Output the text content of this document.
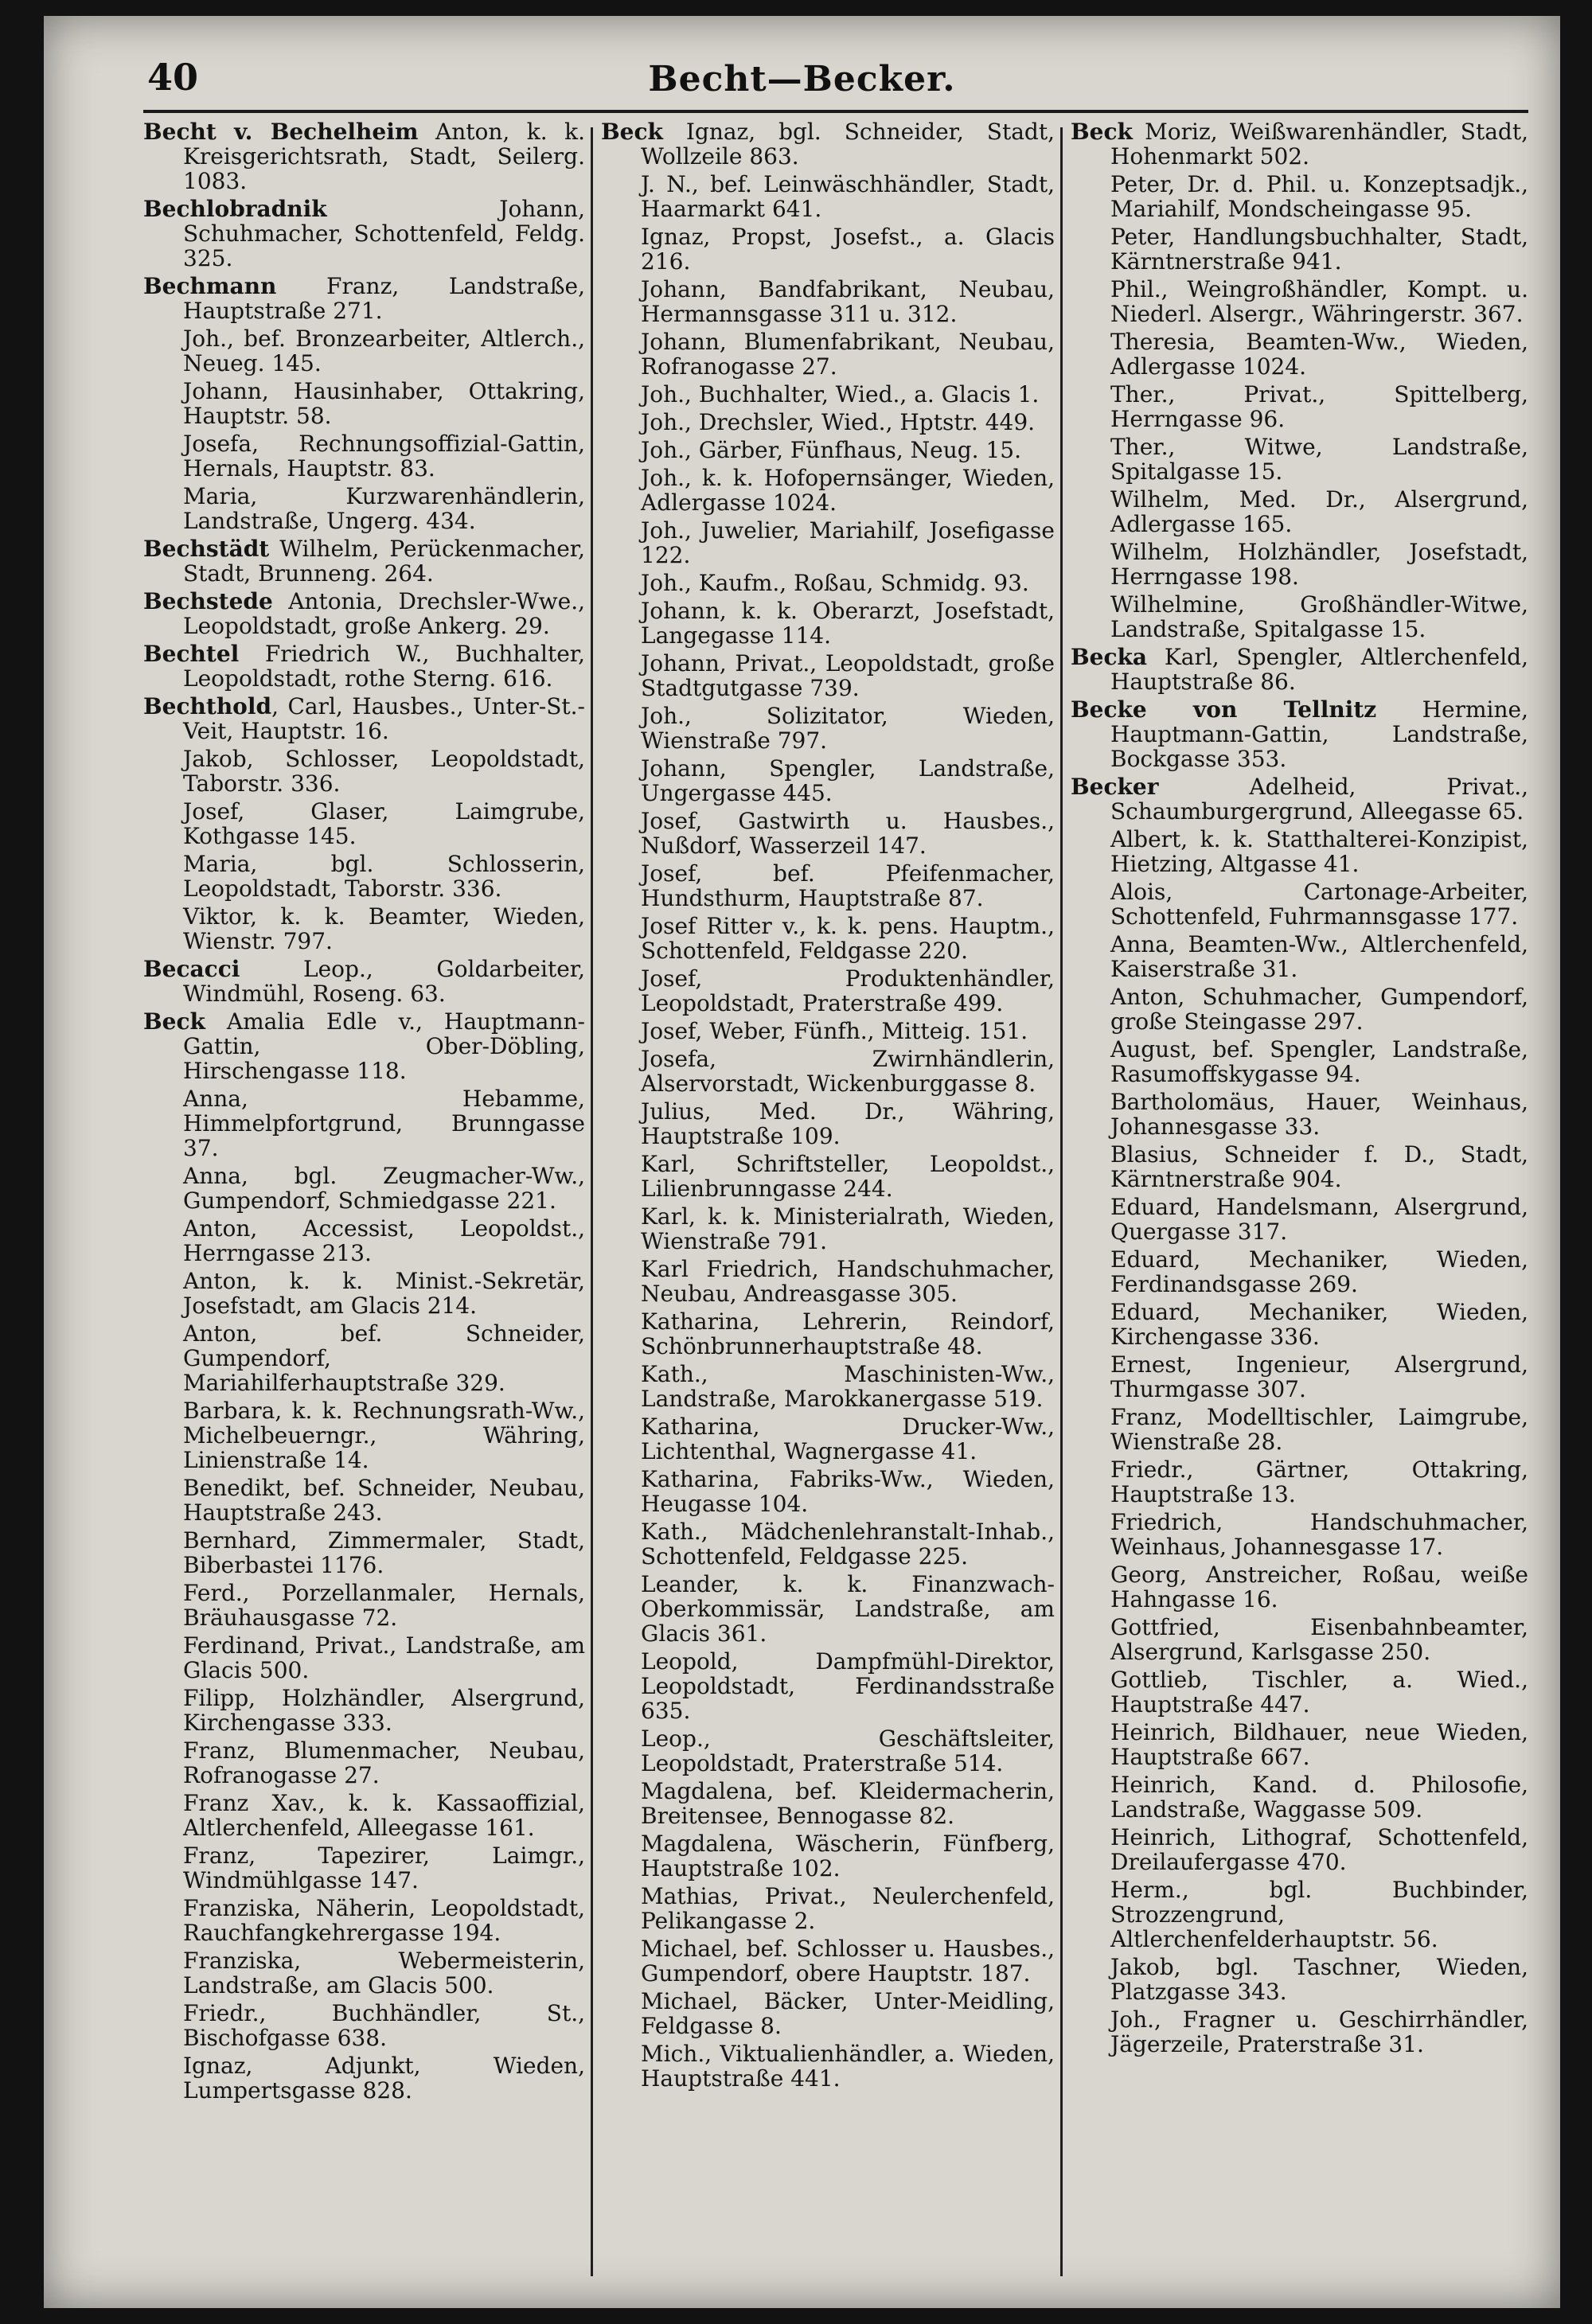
40	Becht—Becker.

Becht v. Bechelheim Anton, k. k. Kreisgerichtsrath, Stadt, Seilerg. 1083.

Bechlobradnik Johann, Schuhmacher, Schottenfeld, Feldg. 325.

Bechmann Franz, Landstraße, Hauptstraße 271.

Joh., bef. Bronzearbeiter, Altlerch., Neueg. 145.

Johann, Hausinhaber, Ottakring, Hauptstr. 58.

Josefa, Rechnungsoffizial-Gattin, Hernals, Hauptstr. 83.

Maria, Kurzwarenhändlerin, Landstraße, Ungerg. 434.

Bechstädt Wilhelm, Perückenmacher, Stadt, Brunneng. 264.

Bechstede Antonia, Drechsler-Wwe., Leopoldstadt, große Ankerg. 29.

Bechtel Friedrich W., Buchhalter, Leopoldstadt, rothe Sterng. 616.

Bechthold, Carl, Hausbes., Unter-St.-Veit, Hauptstr. 16.

Jakob, Schlosser, Leopoldstadt, Taborstr. 336.

Josef, Glaser, Laimgrube, Kothgasse 145.

Maria, bgl. Schlosserin, Leopoldstadt, Taborstr. 336.

Viktor, k. k. Beamter, Wieden, Wienstr. 797.

Becacci Leop., Goldarbeiter, Windmühl, Roseng. 63.

Beck Amalia Edle v., Hauptmann-Gattin, Ober-Döbling, Hirschengasse 118.

Anna, Hebamme, Himmelpfortgrund, Brunngasse 37.

Anna, bgl. Zeugmacher-Ww., Gumpendorf, Schmiedgasse 221.

Anton, Accessist, Leopoldst., Herrngasse 213.

Anton, k. k. Minist.-Sekretär, Josefstadt, am Glacis 214.

Anton, bef. Schneider, Gumpendorf, Mariahilferhauptstraße 329.

Barbara, k. k. Rechnungsrath-Ww., Michelbeuerngr., Währing, Linienstraße 14.

Benedikt, bef. Schneider, Neubau, Hauptstraße 243.

Bernhard, Zimmermaler, Stadt, Biberbastei 1176.

Ferd., Porzellanmaler, Hernals, Bräuhausgasse 72.

Ferdinand, Privat., Landstraße, am Glacis 500.

Filipp, Holzhändler, Alsergrund, Kirchengasse 333.

Franz, Blumenmacher, Neubau, Rofranogasse 27.

Franz Xav., k. k. Kassaoffizial, Altlerchenfeld, Alleegasse 161.

Franz, Tapezirer, Laimgr., Windmühlgasse 147.

Franziska, Näherin, Leopoldstadt, Rauchfangkehrergasse 194.

Franziska, Webermeisterin, Landstraße, am Glacis 500.

Friedr., Buchhändler, St., Bischofgasse 638.

Ignaz, Adjunkt, Wieden, Lumpertsgasse 828.

Beck Ignaz, bgl. Schneider, Stadt, Wollzeile 863.

J. N., bef. Leinwäschhändler, Stadt, Haarmarkt 641.

Ignaz, Propst, Josefst., a. Glacis 216.

Johann, Bandfabrikant, Neubau, Hermannsgasse 311 u. 312.

Johann, Blumenfabrikant, Neubau, Rofranogasse 27.

Joh., Buchhalter, Wied., a. Glacis 1.

Joh., Drechsler, Wied., Hptstr. 449.

Joh., Gärber, Fünfhaus, Neug. 15.

Joh., k. k. Hofopernsänger, Wieden, Adlergasse 1024.

Joh., Juwelier, Mariahilf, Josefigasse 122.

Joh., Kaufm., Roßau, Schmidg. 93.

Johann, k. k. Oberarzt, Josefstadt, Langegasse 114.

Johann, Privat., Leopoldstadt, große Stadtgutgasse 739.

Joh., Solizitator, Wieden, Wienstraße 797.

Johann, Spengler, Landstraße, Ungergasse 445.

Josef, Gastwirth u. Hausbes., Nußdorf, Wasserzeil 147.

Josef, bef. Pfeifenmacher, Hundsthurm, Hauptstraße 87.

Josef Ritter v., k. k. pens. Hauptm., Schottenfeld, Feldgasse 220.

Josef, Produktenhändler, Leopoldstadt, Praterstraße 499.

Josef, Weber, Fünfh., Mitteig. 151.

Josefa, Zwirnhändlerin, Alservorstadt, Wickenburggasse 8.

Julius, Med. Dr., Währing, Hauptstraße 109.

Karl, Schriftsteller, Leopoldst., Lilienbrunngasse 244.

Karl, k. k. Ministerialrath, Wieden, Wienstraße 791.

Karl Friedrich, Handschuhmacher, Neubau, Andreasgasse 305.

Katharina, Lehrerin, Reindorf, Schönbrunnerhauptstraße 48.

Kath., Maschinisten-Ww., Landstraße, Marokkanergasse 519.

Katharina, Drucker-Ww., Lichtenthal, Wagnergasse 41.

Katharina, Fabriks-Ww., Wieden, Heugasse 104.

Kath., Mädchenlehranstalt-Inhab., Schottenfeld, Feldgasse 225.

Leander, k. k. Finanzwach-Oberkommissär, Landstraße, am Glacis 361.

Leopold, Dampfmühl-Direktor, Leopoldstadt, Ferdinandsstraße 635.

Leop., Geschäftsleiter, Leopoldstadt, Praterstraße 514.

Magdalena, bef. Kleidermacherin, Breitensee, Bennogasse 82.

Magdalena, Wäscherin, Fünfberg, Hauptstraße 102.

Mathias, Privat., Neulerchenfeld, Pelikangasse 2.

Michael, bef. Schlosser u. Hausbes., Gumpendorf, obere Hauptstr. 187.

Michael, Bäcker, Unter-Meidling, Feldgasse 8.

Mich., Viktualienhändler, a. Wieden, Hauptstraße 441.

Beck Moriz, Weißwarenhändler, Stadt, Hohenmarkt 502.

Peter, Dr. d. Phil. u. Konzeptsadjk., Mariahilf, Mondscheingasse 95.

Peter, Handlungsbuchhalter, Stadt, Kärntnerstraße 941.

Phil., Weingroßhändler, Kompt. u. Niederl. Alsergr., Währingerstr. 367.

Theresia, Beamten-Ww., Wieden, Adlergasse 1024.

Ther., Privat., Spittelberg, Herrngasse 96.

Ther., Witwe, Landstraße, Spitalgasse 15.

Wilhelm, Med. Dr., Alsergrund, Adlergasse 165.

Wilhelm, Holzhändler, Josefstadt, Herrngasse 198.

Wilhelmine, Großhändler-Witwe, Landstraße, Spitalgasse 15.

Becka Karl, Spengler, Altlerchenfeld, Hauptstraße 86.

Becke von Tellnitz Hermine, Hauptmann-Gattin, Landstraße, Bockgasse 353.

Becker Adelheid, Privat., Schaumburgergrund, Alleegasse 65.

Albert, k. k. Statthalterei-Konzipist, Hietzing, Altgasse 41.

Alois, Cartonage-Arbeiter, Schottenfeld, Fuhrmannsgasse 177.

Anna, Beamten-Ww., Altlerchenfeld, Kaiserstraße 31.

Anton, Schuhmacher, Gumpendorf, große Steingasse 297.

August, bef. Spengler, Landstraße, Rasumoffskygasse 94.

Bartholomäus, Hauer, Weinhaus, Johannesgasse 33.

Blasius, Schneider f. D., Stadt, Kärntnerstraße 904.

Eduard, Handelsmann, Alsergrund, Quergasse 317.

Eduard, Mechaniker, Wieden, Ferdinandsgasse 269.

Eduard, Mechaniker, Wieden, Kirchengasse 336.

Ernest, Ingenieur, Alsergrund, Thurmgasse 307.

Franz, Modelltischler, Laimgrube, Wienstraße 28.

Friedr., Gärtner, Ottakring, Hauptstraße 13.

Friedrich, Handschuhmacher, Weinhaus, Johannesgasse 17.

Georg, Anstreicher, Roßau, weiße Hahngasse 16.

Gottfried, Eisenbahnbeamter, Alsergrund, Karlsgasse 250.

Gottlieb, Tischler, a. Wied., Hauptstraße 447.

Heinrich, Bildhauer, neue Wieden, Hauptstraße 667.

Heinrich, Kand. d. Philosofie, Landstraße, Waggasse 509.

Heinrich, Lithograf, Schottenfeld, Dreilaufergasse 470.

Herm., bgl. Buchbinder, Strozzengrund, Altlerchenfelderhauptstr. 56.

Jakob, bgl. Taschner, Wieden, Platzgasse 343.

Joh., Fragner u. Geschirrhändler, Jägerzeile, Praterstraße 31.
